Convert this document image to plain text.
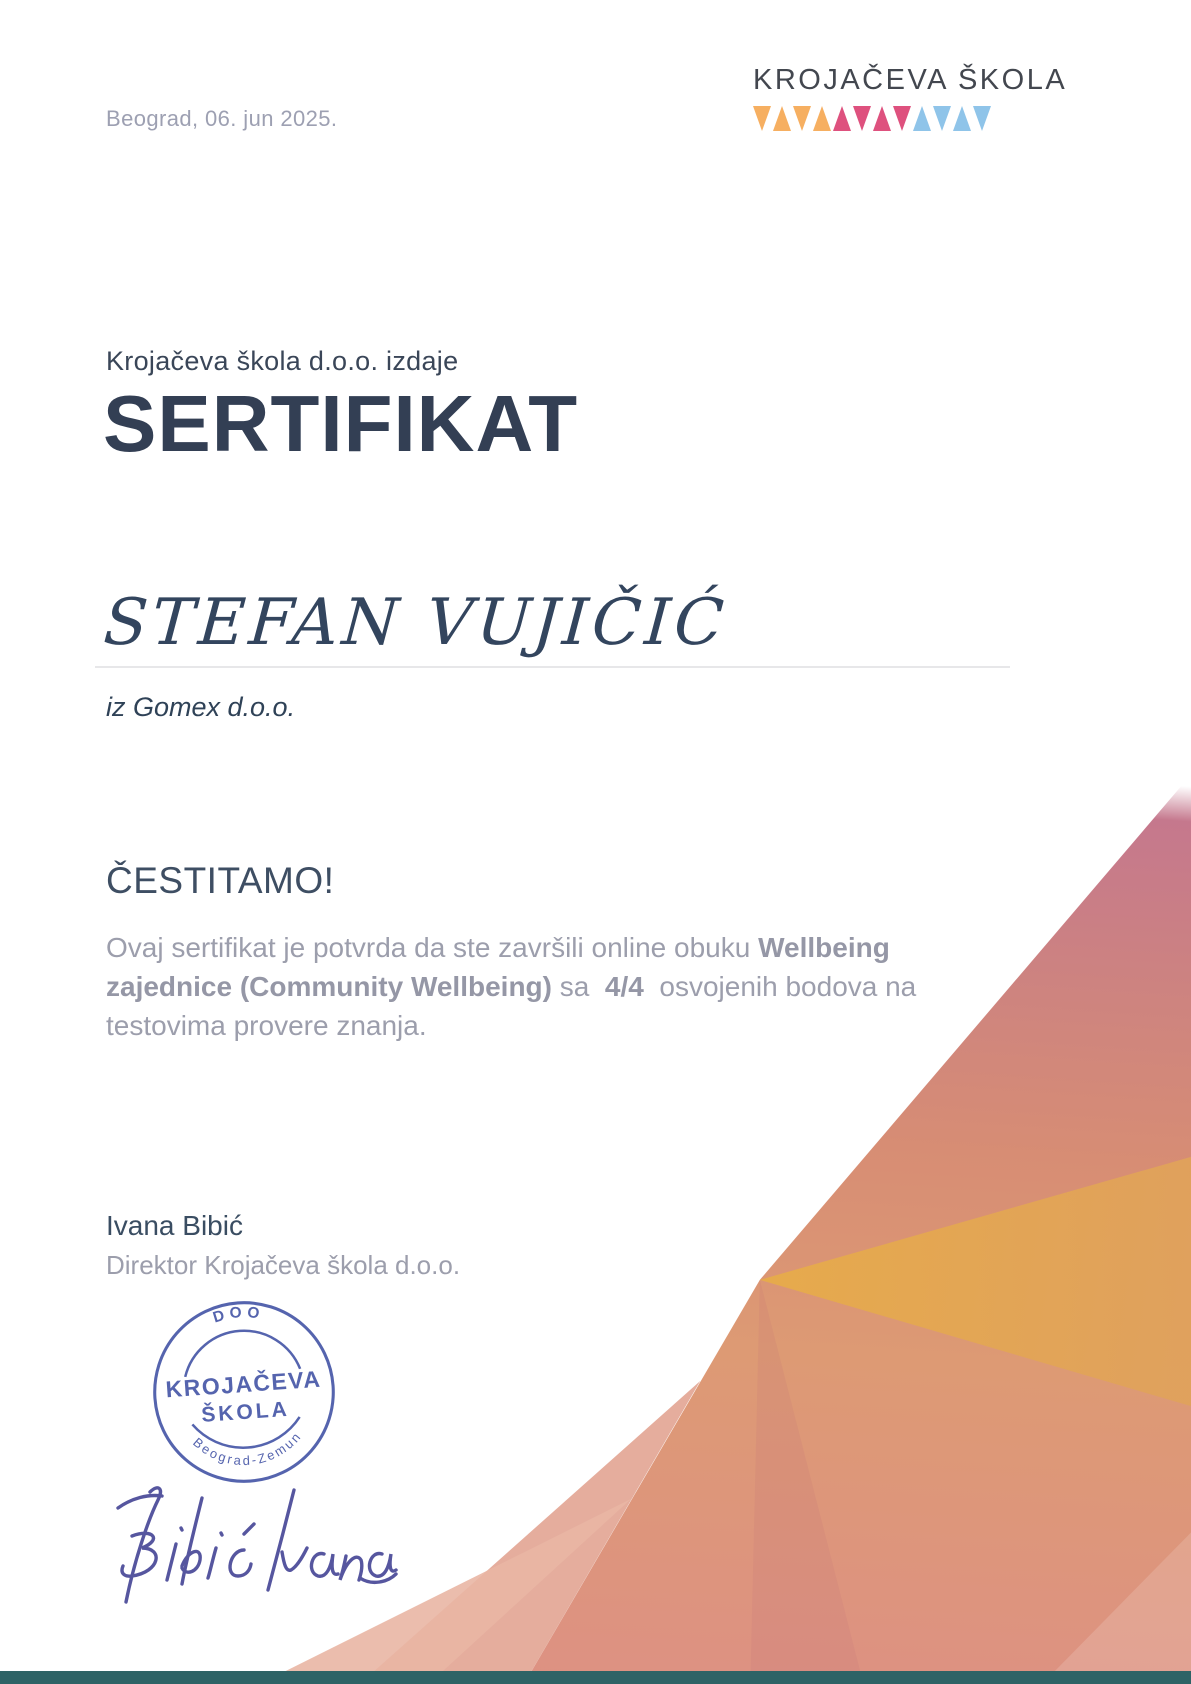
Beograd, 06. jun 2025.
KROJAČEVA ŠKOLA
Krojačeva škola d.o.o. izdaje
SERTIFIKAT
STEFAN VUJIČIĆ
iz Gomex d.o.o.
ČESTITAMO!
Ovaj sertifikat je potvrda da ste završili online obuku Wellbeing
zajednice (Community Wellbeing) sa  4/4  osvojenih bodova na
testovima provere znanja.
Ivana Bibić
Direktor Krojačeva škola d.o.o.
DOO
KROJAČEVA
ŠKOLA
Beograd-Zemun
